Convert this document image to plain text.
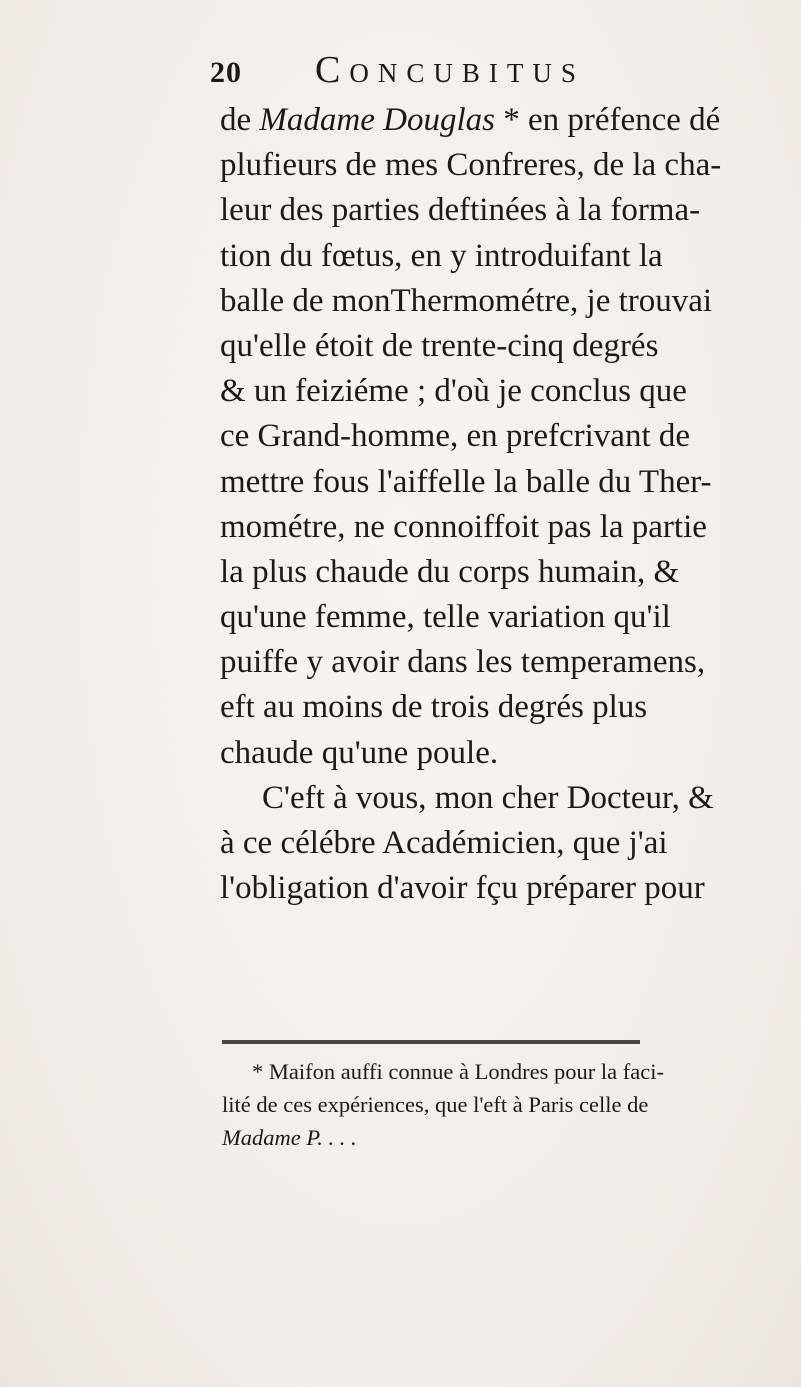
20 Concubitus
de Madame Douglas * en préfence dé
plufieurs de mes Confreres, de la cha-
leur des parties deftinées à la forma-
tion du fœtus, en y introduifant la
balle de monThermométre, je trouvai
qu'elle étoit de trente-cinq degrés
& un feiziéme ; d'où je conclus que
ce Grand-homme, en prefcrivant de
mettre fous l'aiffelle la balle du Ther-
mométre, ne connoiffoit pas la partie
la plus chaude du corps humain, &
qu'une femme, telle variation qu'il
puiffe y avoir dans les temperamens,
eft au moins de trois degrés plus
chaude qu'une poule.
C'eft à vous, mon cher Docteur, &
à ce célébre Académicien, que j'ai
l'obligation d'avoir fçu préparer pour
* Maifon auffi connue à Londres pour la faci-
lité de ces expériences, que l'eft à Paris celle de
Madame P. . . .
